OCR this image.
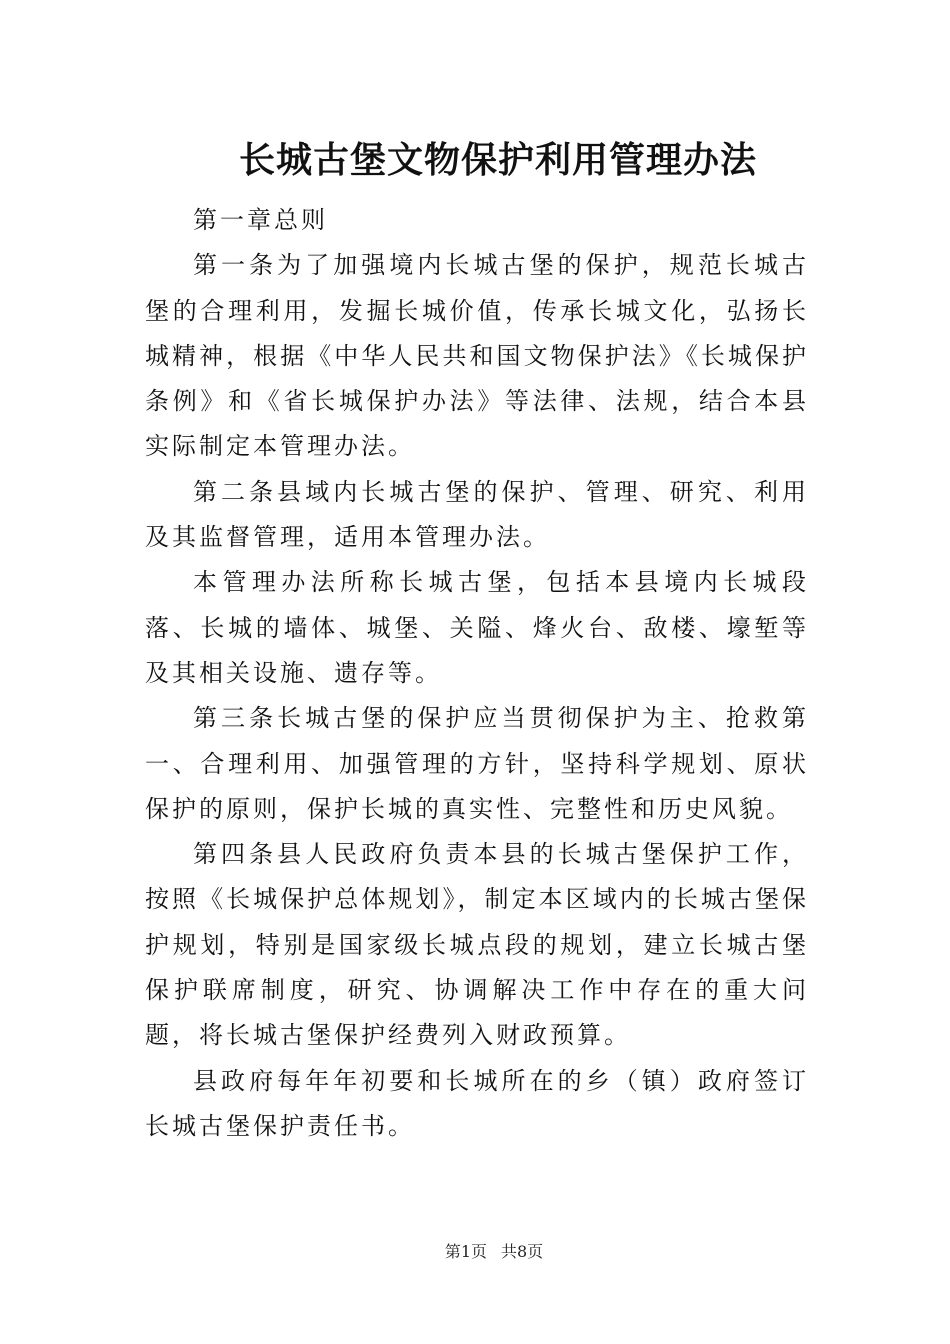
长城古堡文物保护利用管理办法

第一章总则

第一条为了加强境内长城古堡的保护，规范长城古堡的合理利用，发掘长城价值，传承长城文化，弘扬长城精神，根据《中华人民共和国文物保护法》《长城保护条例》和《省长城保护办法》等法律、法规，结合本县实际制定本管理办法。

第二条县域内长城古堡的保护、管理、研究、利用及其监督管理，适用本管理办法。

本管理办法所称长城古堡，包括本县境内长城段落、长城的墙体、城堡、关隘、烽火台、敌楼、壕堑等及其相关设施、遗存等。

第三条长城古堡的保护应当贯彻保护为主、抢救第一、合理利用、加强管理的方针，坚持科学规划、原状保护的原则，保护长城的真实性、完整性和历史风貌。

第四条县人民政府负责本县的长城古堡保护工作，按照《长城保护总体规划》，制定本区域内的长城古堡保护规划，特别是国家级长城点段的规划，建立长城古堡保护联席制度，研究、协调解决工作中存在的重大问题，将长城古堡保护经费列入财政预算。

县政府每年年初要和长城所在的乡（镇）政府签订长城古堡保护责任书。

第1页 共8页
